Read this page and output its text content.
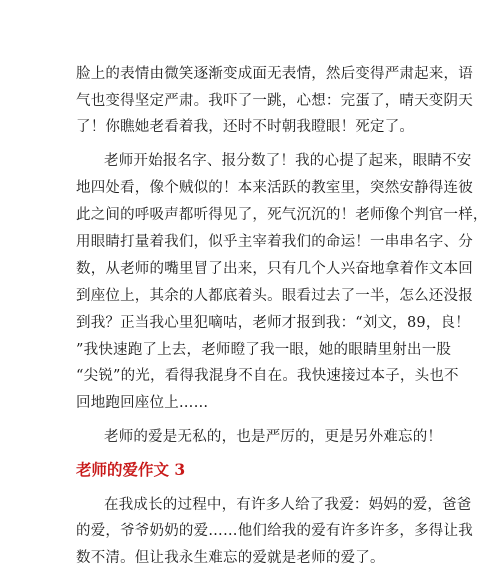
脸上的表情由微笑逐渐变成面无表情，然后变得严肃起来，语
气也变得坚定严肃。我吓了一跳，心想：完蛋了，晴天变阴天
了！你瞧她老看着我，还时不时朝我瞪眼！死定了。
老师开始报名字、报分数了！我的心提了起来，眼睛不安
地四处看，像个贼似的！本来活跃的教室里，突然安静得连彼
此之间的呼吸声都听得见了，死气沉沉的！老师像个判官一样，
用眼睛打量着我们，似乎主宰着我们的命运！一串串名字、分
数，从老师的嘴里冒了出来，只有几个人兴奋地拿着作文本回
到座位上，其余的人都底着头。眼看过去了一半，怎么还没报
到我？正当我心里犯嘀咕，老师才报到我：“刘文，89，良！
”我快速跑了上去，老师瞪了我一眼，她的眼睛里射出一股
“尖锐”的光，看得我混身不自在。我快速接过本子，头也不
回地跑回座位上……
老师的爱是无私的，也是严厉的，更是另外难忘的！
老师的爱作文 3
在我成长的过程中，有许多人给了我爱：妈妈的爱，爸爸
的爱，爷爷奶奶的爱……他们给我的爱有许多许多，多得让我
数不清。但让我永生难忘的爱就是老师的爱了。
